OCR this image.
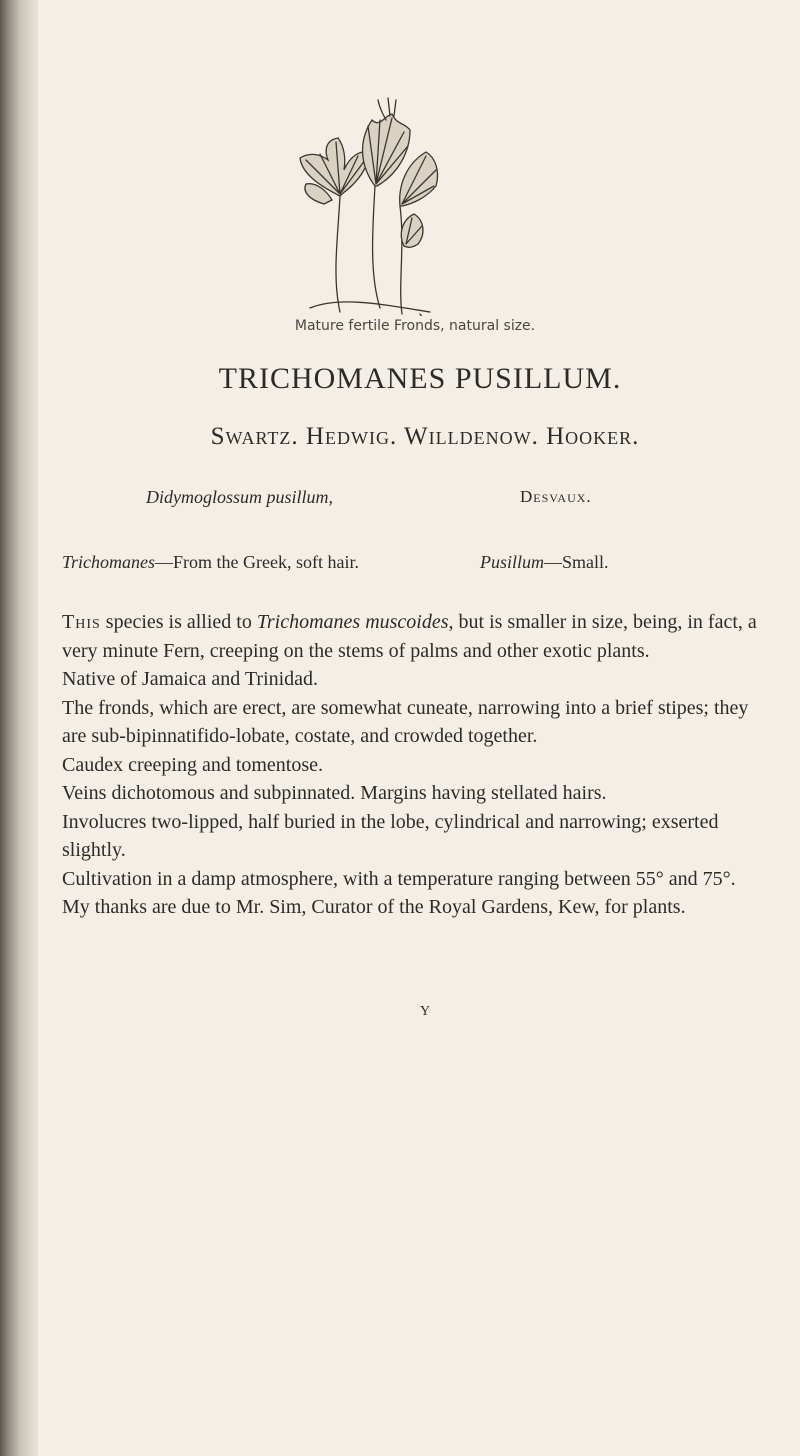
Mature fertile Fronds, natural size.
TRICHOMANES PUSILLUM.
Swartz. Hedwig. Willdenow. Hooker.
Didymoglossum pusillum,	Desvaux.
Trichomanes—From the Greek, soft hair.	Pusillum—Small.

This species is allied to Trichomanes muscoides, but is smaller in size, being, in fact, a very minute Fern, creeping on the stems of palms and other exotic plants.

Native of Jamaica and Trinidad.

The fronds, which are erect, are somewhat cuneate, narrowing into a brief stipes; they are sub-bipinnatifido-lobate, costate, and crowded together.

Caudex creeping and tomentose.

Veins dichotomous and subpinnated. Margins having stellated hairs.

Involucres two-lipped, half buried in the lobe, cylindrical and narrowing; exserted slightly.

Cultivation in a damp atmosphere, with a temperature ranging between 55° and 75°.

My thanks are due to Mr. Sim, Curator of the Royal Gardens, Kew, for plants.

Y
